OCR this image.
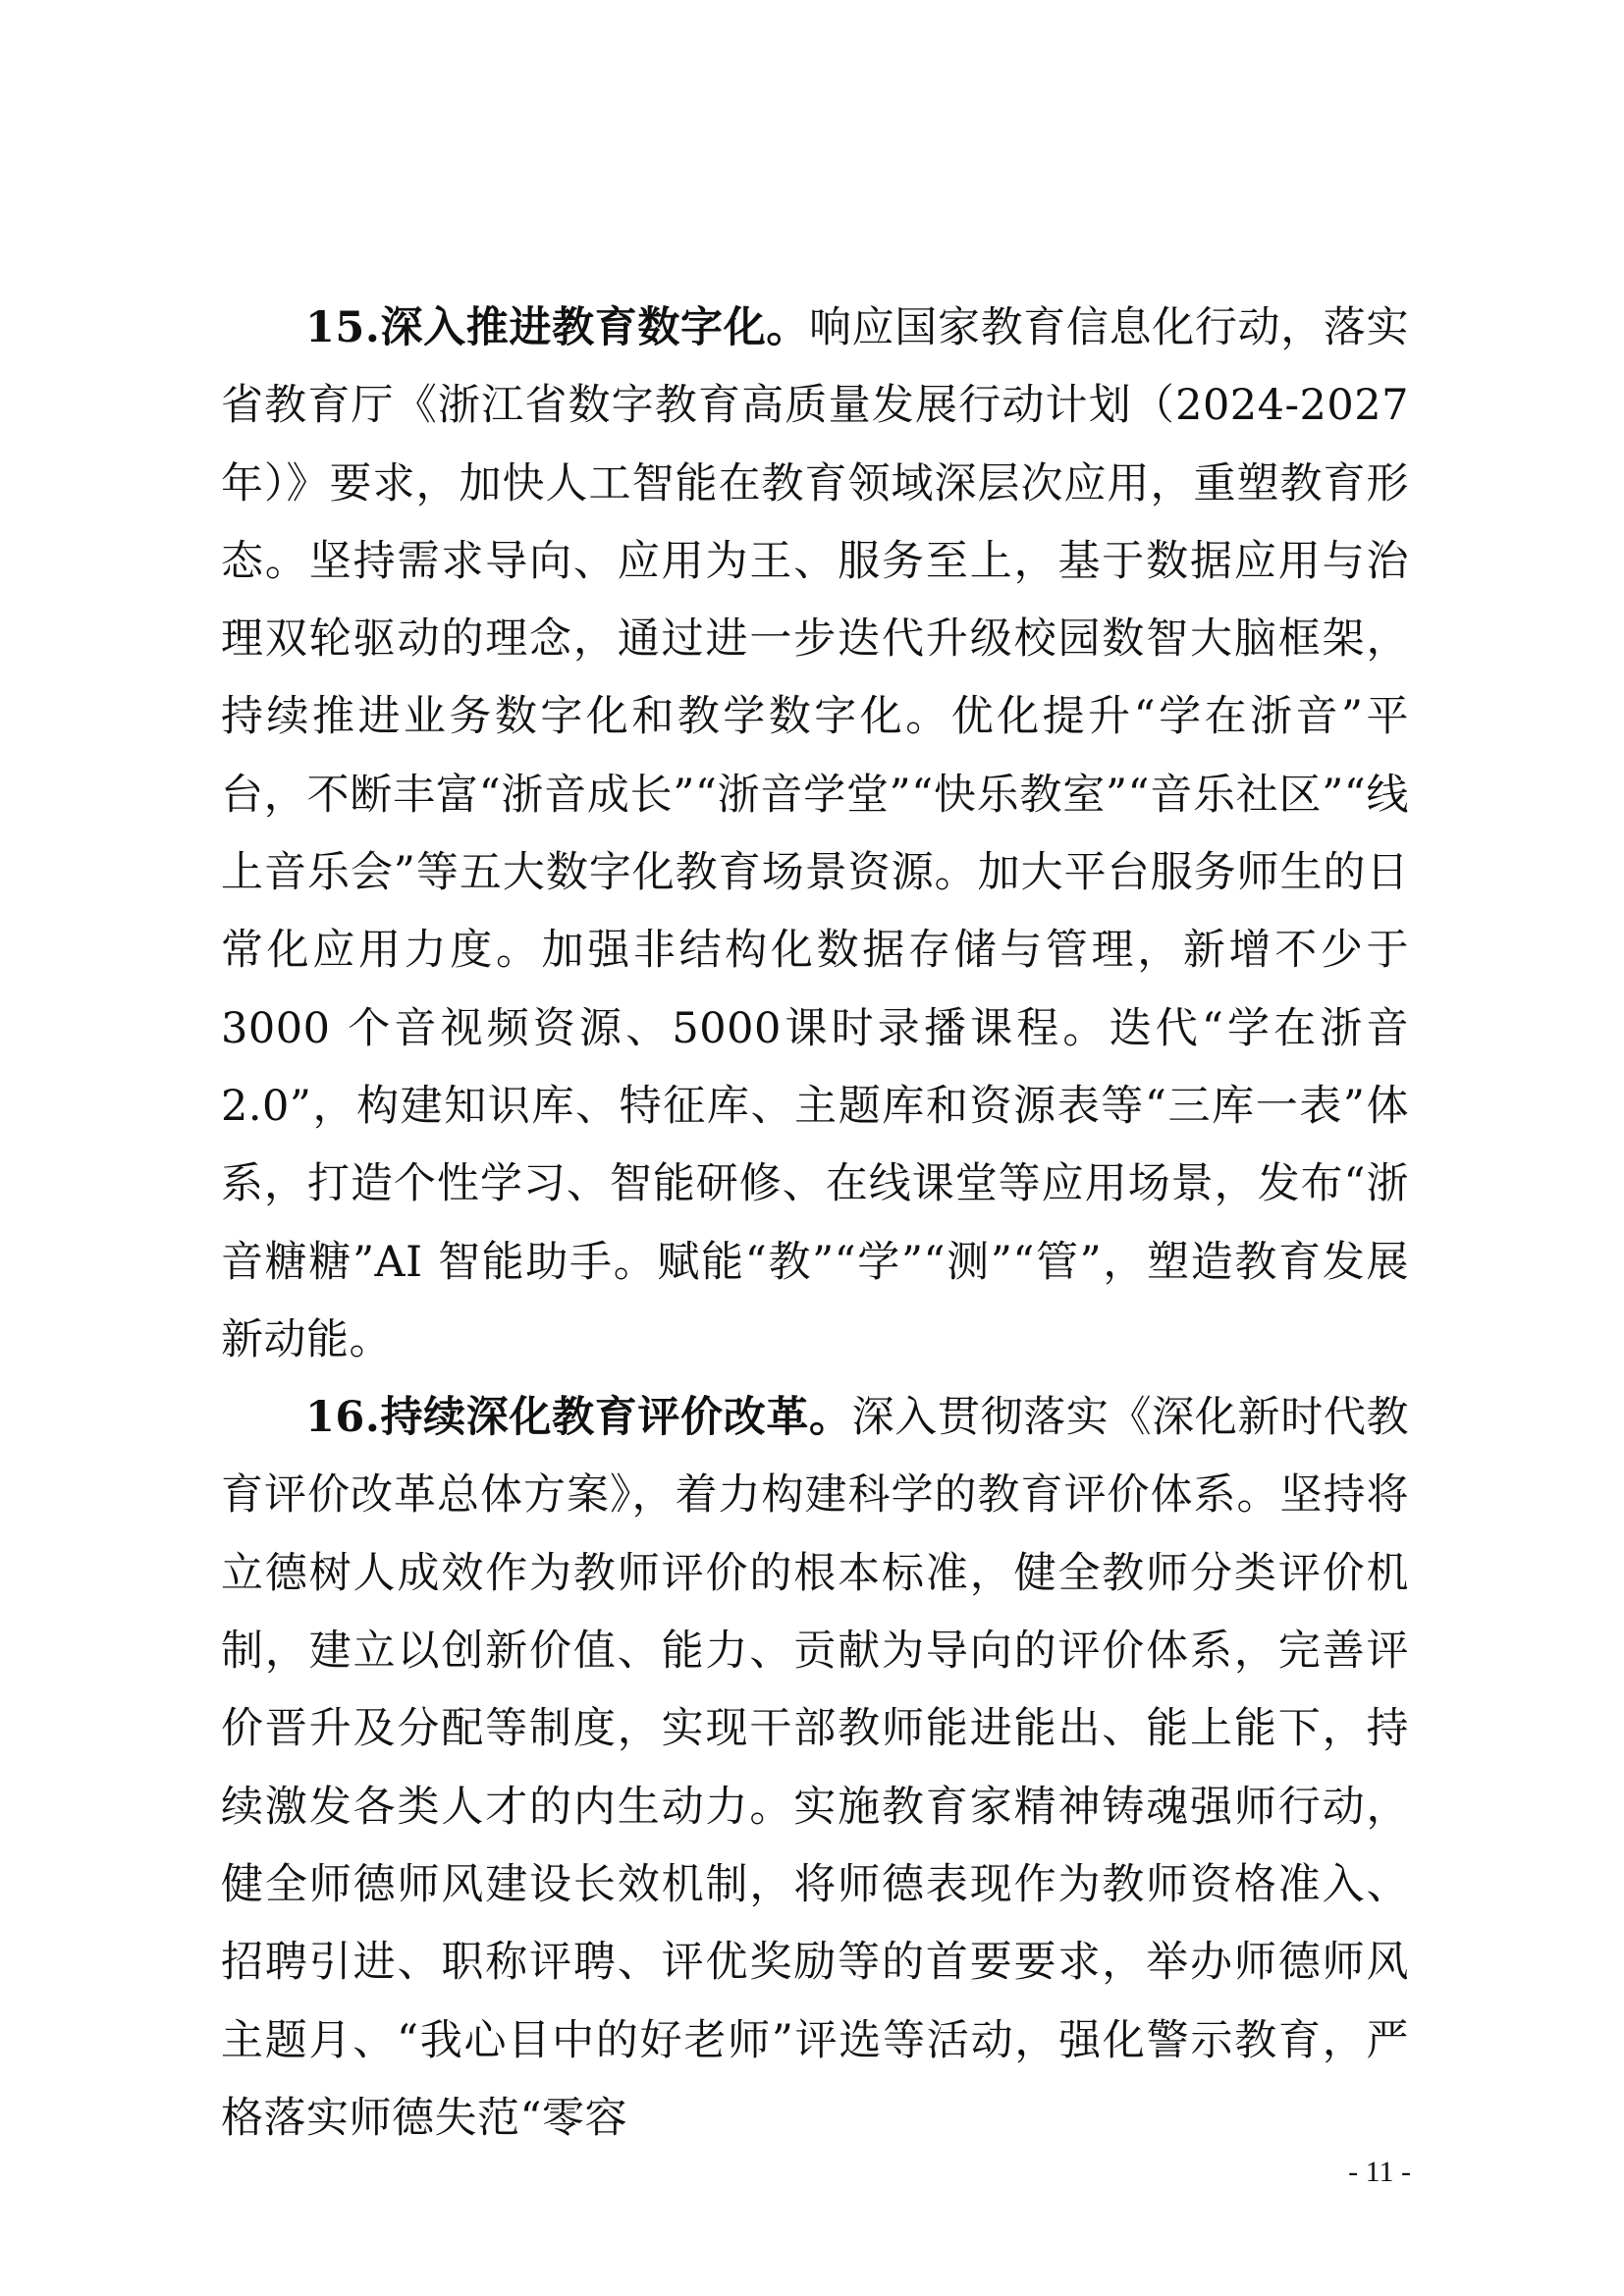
15.深入推进教育数字化。响应国家教育信息化行动，落实省教育厅《浙江省数字教育高质量发展行动计划（2024-2027年）》要求，加快人工智能在教育领域深层次应用，重塑教育形态。坚持需求导向、应用为王、服务至上，基于数据应用与治理双轮驱动的理念，通过进一步迭代升级校园数智大脑框架，持续推进业务数字化和教学数字化。优化提升“学在浙音”平台，不断丰富“浙音成长”“浙音学堂”“快乐教室”“音乐社区”“线上音乐会”等五大数字化教育场景资源。加大平台服务师生的日常化应用力度。加强非结构化数据存储与管理，新增不少于3000 个音视频资源、5000课时录播课程。迭代“学在浙音 2.0”，构建知识库、特征库、主题库和资源表等“三库一表”体系，打造个性学习、智能研修、在线课堂等应用场景，发布“浙音糖糖”AI 智能助手。赋能“教”“学”“测”“管”，塑造教育发展新动能。

16.持续深化教育评价改革。深入贯彻落实《深化新时代教育评价改革总体方案》，着力构建科学的教育评价体系。坚持将立德树人成效作为教师评价的根本标准，健全教师分类评价机制，建立以创新价值、能力、贡献为导向的评价体系，完善评价晋升及分配等制度，实现干部教师能进能出、能上能下，持续激发各类人才的内生动力。实施教育家精神铸魂强师行动，健全师德师风建设长效机制，将师德表现作为教师资格准入、招聘引进、职称评聘、评优奖励等的首要要求，举办师德师风主题月、“我心目中的好老师”评选等活动，强化警示教育，严格落实师德失范“零容

- 11 -
